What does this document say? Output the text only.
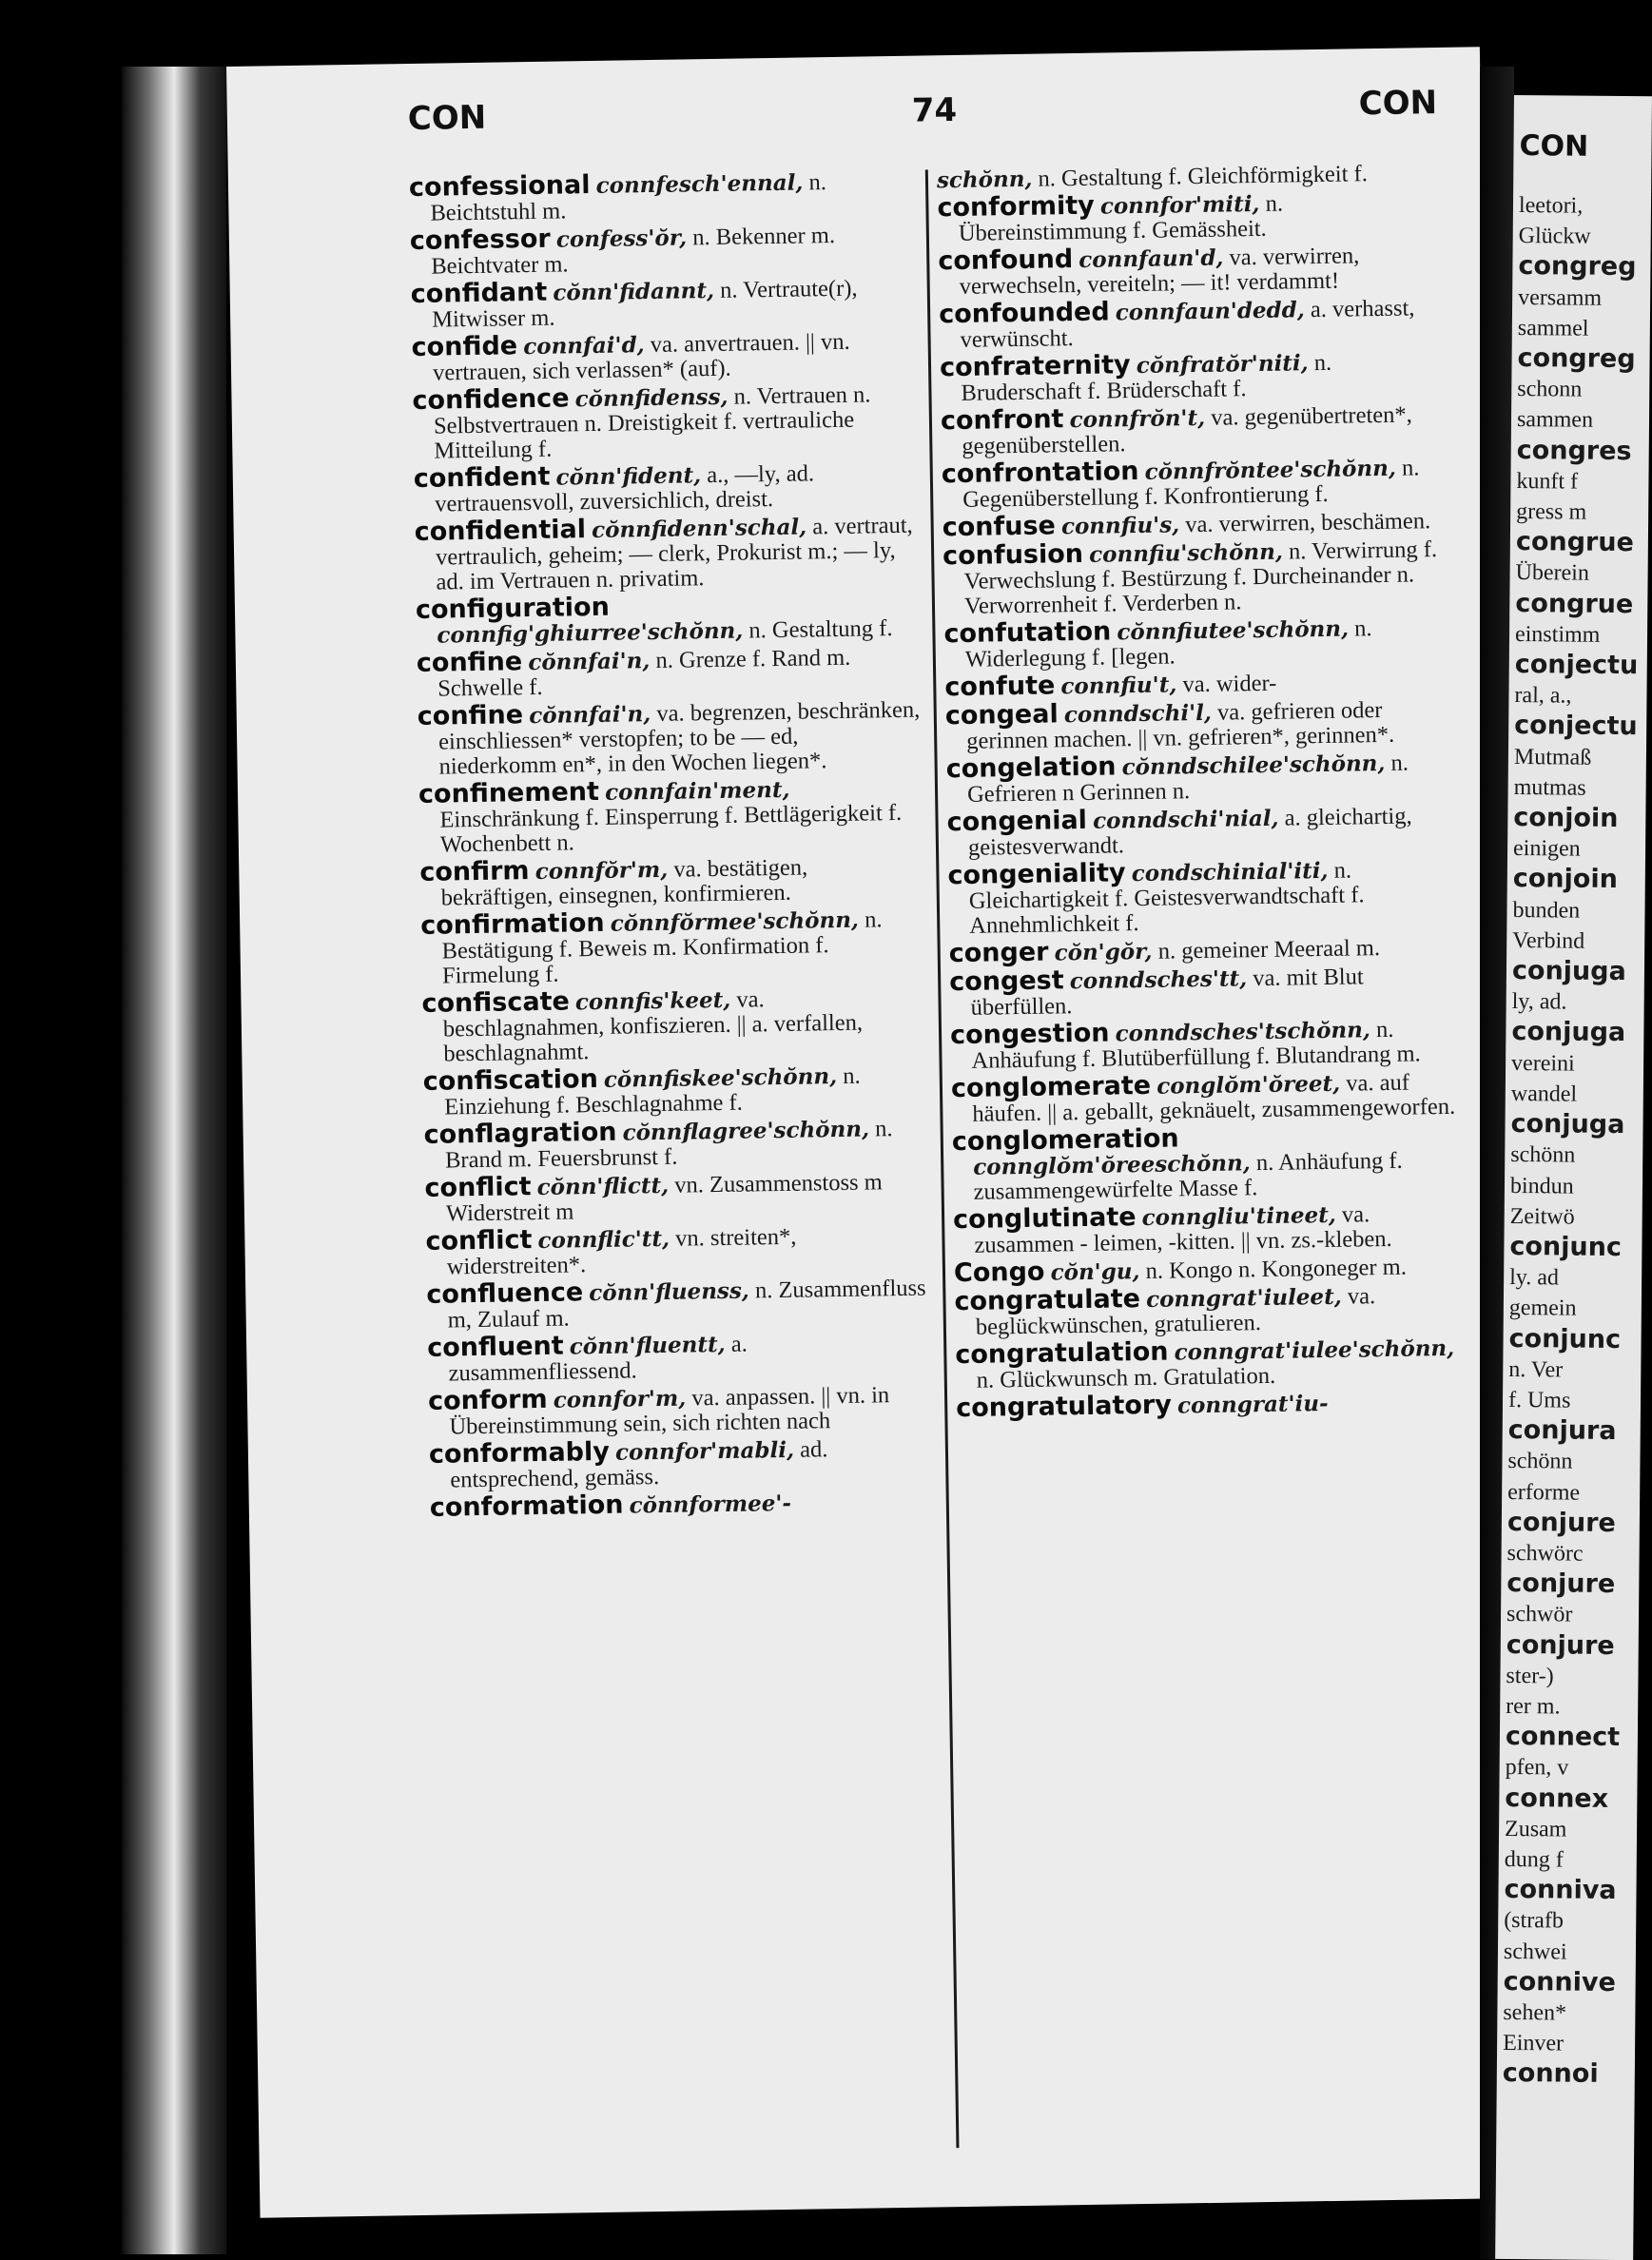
CON	74	CON
confessional connfesch'ennal, n. Beichtstuhl m.
confessor confess'ŏr, n. Bekenner m. Beichtvater m.
confidant cŏnn'fidannt, n. Vertraute(r), Mitwisser m.
confide connfai'd, va. anvertrauen. || vn. vertrauen, sich verlassen* (auf).
confidence cŏnnfidenss, n. Vertrauen n. Selbstvertrauen n. Dreistigkeit f. vertrauliche Mitteilung f.
confident cŏnn'fident, a., —ly, ad. vertrauensvoll, zuversichlich, dreist.
confidential cŏnnfidenn'schal, a. vertraut, vertraulich, geheim; — clerk, Prokurist m.; — ly, ad. im Vertrauen n. privatim.
configuration connfig'ghiurree'schŏnn, n. Gestaltung f.
confine cŏnnfai'n, n. Grenze f. Rand m. Schwelle f.
confine cŏnnfai'n, va. begrenzen, beschränken, einschliessen* verstopfen; to be — ed, niederkomm en*, in den Wochen liegen*.
confinement connfain'ment, Einschränkung f. Einsperrung f. Bettlägerigkeit f. Wochenbett n.
confirm connfŏr'm, va. bestätigen, bekräftigen, einsegnen, konfirmieren.
confirmation cŏnnfŏrmee'schŏnn, n. Bestätigung f. Beweis m. Konfirmation f. Firmelung f.
confiscate connfis'keet, va. beschlagnahmen, konfiszieren. || a. verfallen, beschlagnahmt.
confiscation cŏnnfiskee'schŏnn, n. Einziehung f. Beschlagnahme f.
conflagration cŏnnflagree'schŏnn, n. Brand m. Feuersbrunst f.
conflict cŏnn'flictt, vn. Zusammenstoss m Widerstreit m
conflict connflic'tt, vn. streiten*, widerstreiten*.
confluence cŏnn'fluenss, n. Zusammenfluss m, Zulauf m.
confluent cŏnn'fluentt, a. zusammenfliessend.
conform connfor'm, va. anpassen. || vn. in Übereinstimmung sein, sich richten nach
conformably connfor'mabli, ad. entsprechend, gemäss.
conformation cŏnnformee'-
schŏnn, n. Gestaltung f. Gleichförmigkeit f.
conformity connfor'miti, n. Übereinstimmung f. Gemässheit.
confound connfaun'd, va. verwirren, verwechseln, vereiteln; — it! verdammt!
confounded connfaun'dedd, a. verhasst, verwünscht.
confraternity cŏnfratŏr'niti, n. Bruderschaft f. Brüderschaft f.
confront connfrŏn't, va. gegenübertreten*, gegenüberstellen.
confrontation cŏnnfrŏntee'schŏnn, n. Gegenüberstellung f. Konfrontierung f.
confuse connfiu's, va. verwirren, beschämen.
confusion connfiu'schŏnn, n. Verwirrung f. Verwechslung f. Bestürzung f. Durcheinander n. Verworrenheit f. Verderben n.
confutation cŏnnfiutee'schŏnn, n. Widerlegung f. [legen.
confute connfiu't, va. wider-
congeal conndschi'l, va. gefrieren oder gerinnen machen. || vn. gefrieren*, gerinnen*.
congelation cŏnndschilee'schŏnn, n. Gefrieren n Gerinnen n.
congenial conndschi'nial, a. gleichartig, geistesverwandt.
congeniality condschinial'iti, n. Gleichartigkeit f. Geistesverwandtschaft f. Annehmlichkeit f.
conger cŏn'gŏr, n. gemeiner Meeraal m.
congest conndsches'tt, va. mit Blut überfüllen.
congestion conndsches'tschŏnn, n. Anhäufung f. Blutüberfüllung f. Blutandrang m.
conglomerate conglŏm'ŏreet, va. auf häufen. || a. geballt, geknäuelt, zusammengeworfen.
conglomeration connglŏm'ŏreeschŏnn, n. Anhäufung f. zusammengewürfelte Masse f.
conglutinate conngliu'tineet, va. zusammen - leimen, -kitten. || vn. zs.-kleben.
Congo cŏn'gu, n. Kongo n. Kongoneger m.
congratulate conngrat'iuleet, va. beglückwünschen, gratulieren.
congratulation conngrat'iulee'schŏnn, n. Glückwunsch m. Gratulation.
congratulatory conngrat'iu-
CON
leetori,
Glückw
congreg
versamm
sammel
congreg
schonn
sammen
congres
kunft f
gress m
congrue
Überein
congrue
einstimm
conjectu
ral, a.,
conjectu
Mutmaß
mutmas
conjoin
einigen
conjoin
bunden
Verbind
conjuga
ly, ad.
conjuga
vereini
wandel
conjuga
schönn
bindun
Zeitwö
conjunc
ly. ad
gemein
conjunc
n. Ver
f. Ums
conjura
schönn
erforme
conjure
schwörc
conjure
schwör
conjure
ster-)
rer m.
connect
pfen, v
connex
Zusam
dung f
conniva
(strafb
schwei
connive
sehen*
Einver
connoi
